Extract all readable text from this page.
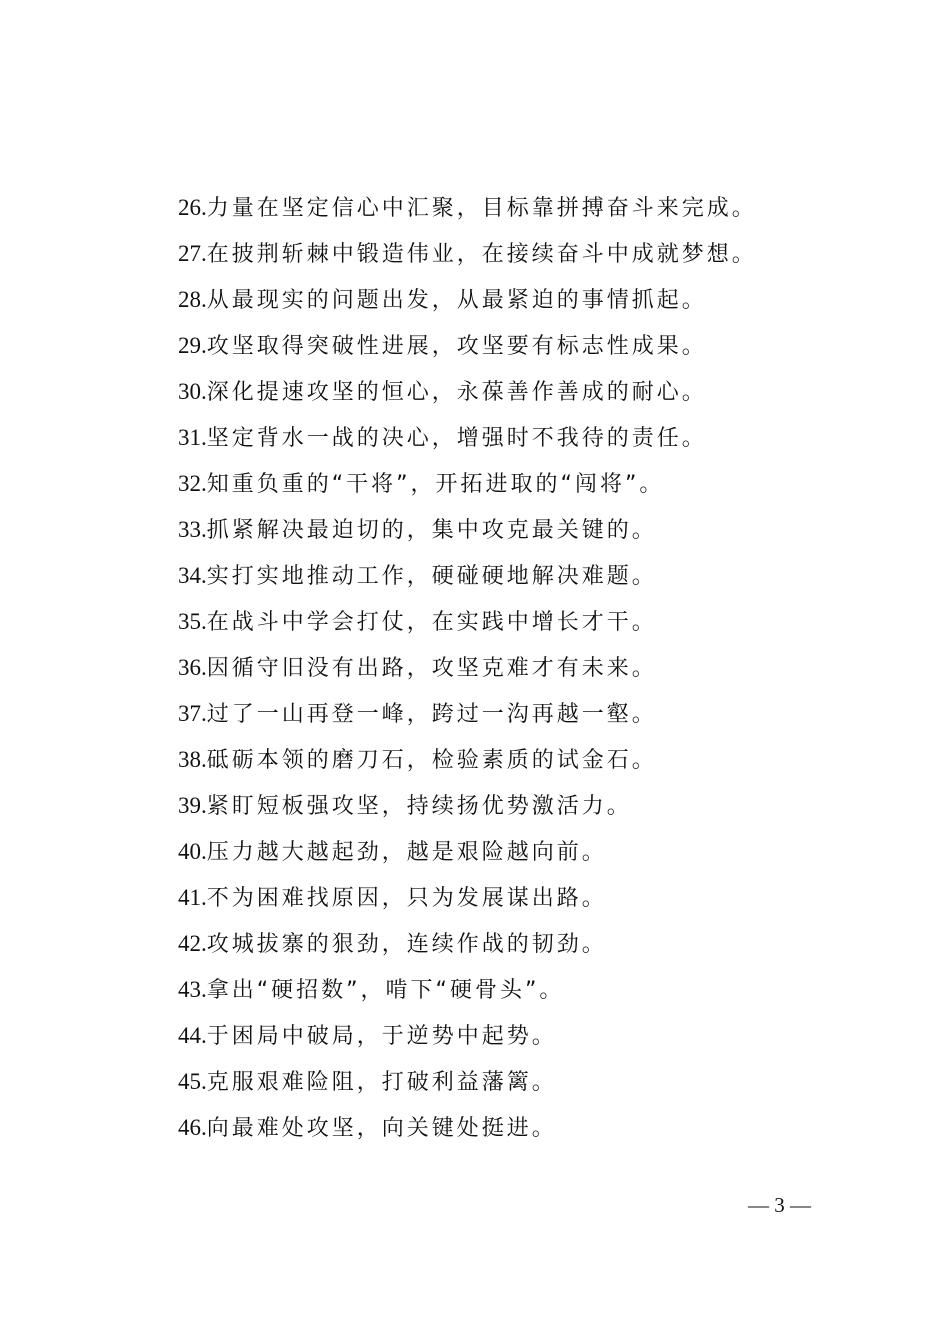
26.力量在坚定信心中汇聚，目标靠拼搏奋斗来完成。
27.在披荆斩棘中锻造伟业，在接续奋斗中成就梦想。
28.从最现实的问题出发，从最紧迫的事情抓起。
29.攻坚取得突破性进展，攻坚要有标志性成果。
30.深化提速攻坚的恒心，永葆善作善成的耐心。
31.坚定背水一战的决心，增强时不我待的责任。
32.知重负重的“干将”，开拓进取的“闯将”。
33.抓紧解决最迫切的，集中攻克最关键的。
34.实打实地推动工作，硬碰硬地解决难题。
35.在战斗中学会打仗，在实践中增长才干。
36.因循守旧没有出路，攻坚克难才有未来。
37.过了一山再登一峰，跨过一沟再越一壑。
38.砥砺本领的磨刀石，检验素质的试金石。
39.紧盯短板强攻坚，持续扬优势激活力。
40.压力越大越起劲，越是艰险越向前。
41.不为困难找原因，只为发展谋出路。
42.攻城拔寨的狠劲，连续作战的韧劲。
43.拿出“硬招数”，啃下“硬骨头”。
44.于困局中破局，于逆势中起势。
45.克服艰难险阻，打破利益藩篱。
46.向最难处攻坚，向关键处挺进。
— 3 —
